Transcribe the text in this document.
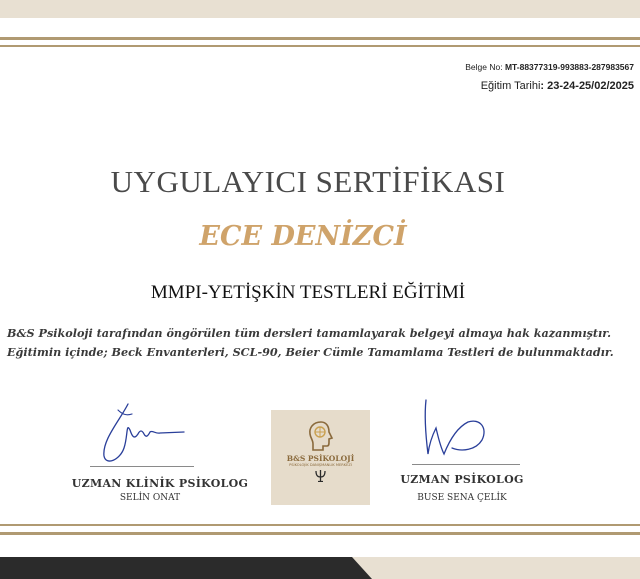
Belge No: MT-88377319-993883-287983567
Eğitim Tarihi: 23-24-25/02/2025
UYGULAYICI SERTİFİKASI
ECE DENİZCİ
MMPI-YETİŞKİN TESTLERİ EĞİTİMİ
B&S Psikoloji tarafından öngörülen tüm dersleri tamamlayarak belgeyi almaya hak kazanmıştır.
Eğitimin içinde; Beck Envanterleri, SCL-90, Beier Cümle Tamamlama Testleri de bulunmaktadır.
UZMAN KLİNİK PSİKOLOG
SELİN ONAT
B&S PSİKOLOJİ
PSİKOLOJİK DANIŞMANLIK MERKEZİ
UZMAN PSİKOLOG
BUSE SENA ÇELİK
